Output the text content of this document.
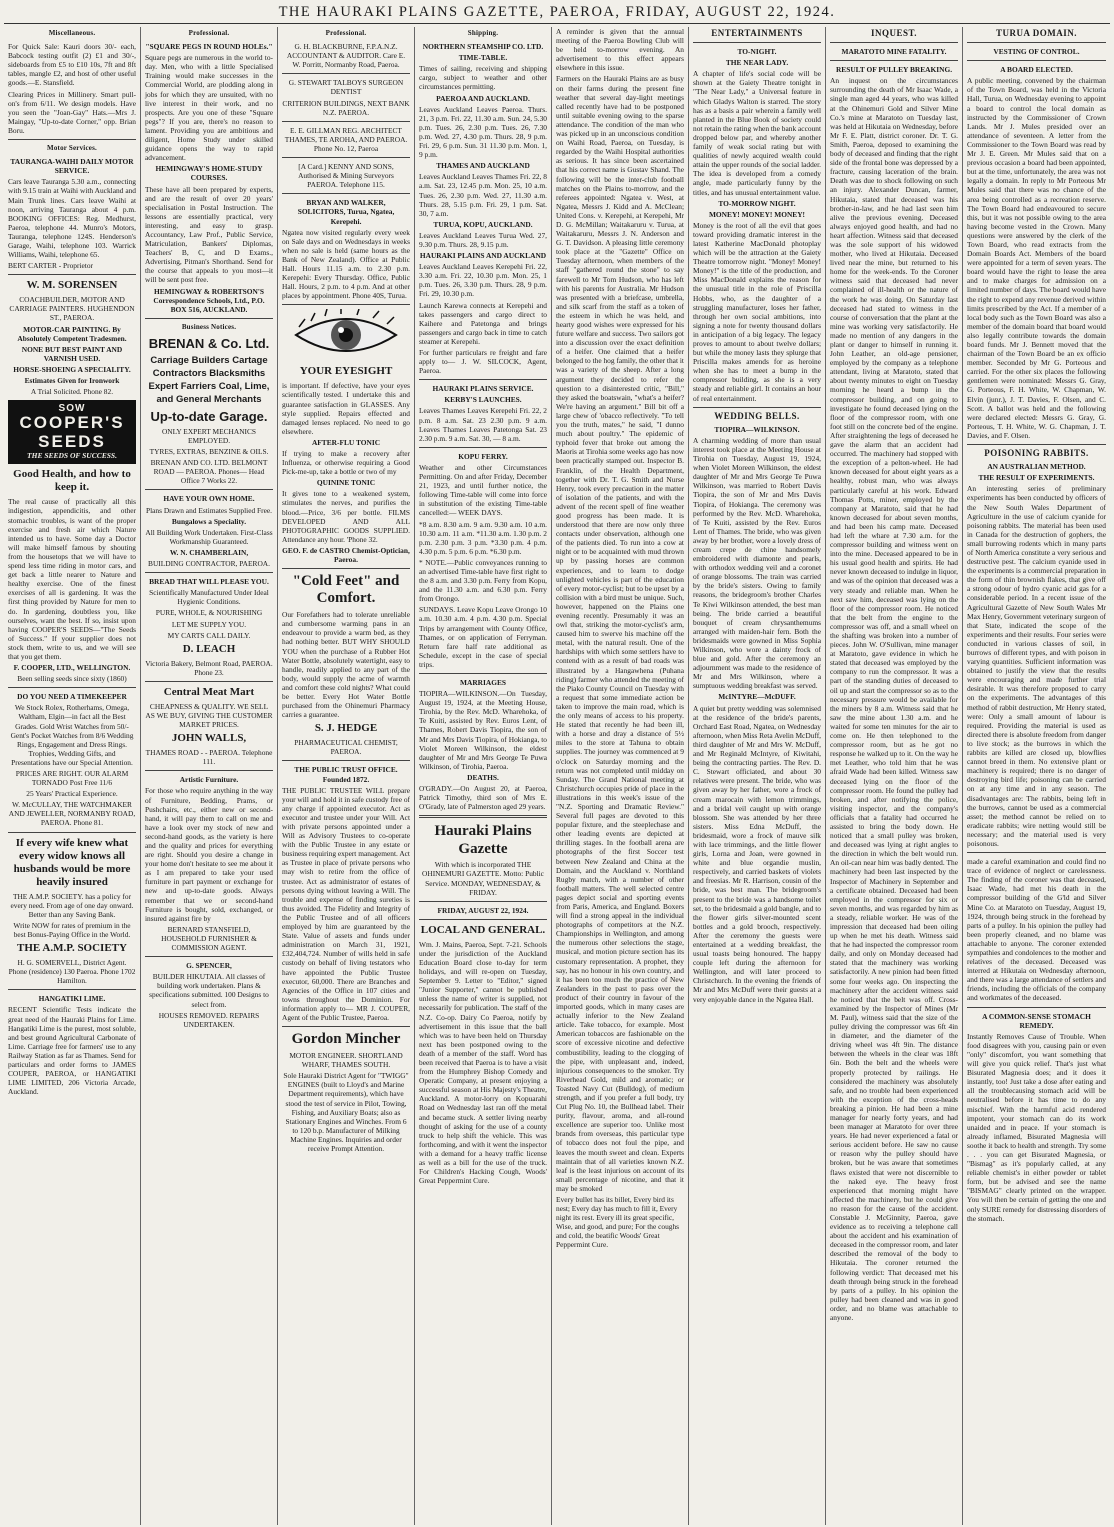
THE HAURAKI PLAINS GAZETTE, PAEROA, FRIDAY, AUGUST 22, 1924.
Miscellaneous.

For Quick Sale: Kauri doors 30/- each, Babcock testing outfit (2) £1 and 30/-, sideboards from £5 to £10 10s, 7ft and 8ft tables, mangle £2, and host of other useful goods.—E. Stansfield.

Clearing Prices in Millinery. Smart pull-on's from 6/11. We design models. Have you seen the "Joan-Gay" Hats.—Mrs J. Maingay, "Up-to-date Corner," opp. Brian Boru.

Motor Services.
TAURANGA-WAIHI DAILY MOTOR SERVICE.

Cars leave Tauranga 5.30 a.m., connecting with 9.15 train at Waihi with Auckland and Main Trunk lines. Cars leave Waihi at noon, arriving Tauranga about 4 p.m. BOOKING OFFICES: Reg. Medhurst, Paeroa, telephone 44. Munro's Motors, Tauranga, telephone 124S. Henderson's Garage, Waihi, telephone 103. Warrick Williams, Waihi, telephone 65.

BERT CARTER - Proprietor

W. M. SORENSEN

COACHBUILDER, MOTOR AND CARRIAGE PAINTERS. HUGHENDON ST., PAEROA.

MOTOR-CAR PAINTING. By Absolutely Competent Tradesmen.
NONE BUT BEST PAINT AND VARNISH USED.
HORSE-SHOEING A SPECIALITY.
Estimates Given for Ironwork

A Trial Solicited. Phone 82.

SOW
COOPER'S SEEDS
THE SEEDS OF SUCCESS.
Good Health, and how to keep it.

The real cause of practically all this indigestion, appendicitis, and other stomachic troubles, is want of the proper exercise and fresh air which Nature intended us to have. Some day a Doctor will make himself famous by shouting from the housetops that we will have to spend less time riding in motor cars, and get back a little nearer to Nature and healthy exercise. One of the finest exercises of all is gardening. It was the first thing provided by Nature for men to do. In gardening, doubtless you, like ourselves, want the best. If so, insist upon having COOPER'S SEEDS—"The Seeds of Success." If your supplier does not stock them, write to us, and we will see that you get them.

F. COOPER, LTD., WELLINGTON.

Been selling seeds since sixty (1860)

DO YOU NEED A TIMEKEEPER

We Stock Rolex, Rotherhams, Omega, Waltham, Elgin—in fact all the Best Grades. Gold Wrist Watches from 50/- Gent's Pocket Watches from 8/6 Wedding Rings, Engagement and Dress Rings. Trophies, Wedding Gifts, and Presentations have our Special Attention.

PRICES ARE RIGHT. OUR ALARM TORNADO Post Free 11/6

25 Years' Practical Experience.

W. McCULLAY, THE WATCHMAKER AND JEWELLER, NORMANBY ROAD, PAEROA. Phone 81.

If every wife knew what every widow knows all husbands would be more heavily insured

THE A.M.P. SOCIETY. has a policy for every need. From age of one day onward. Better than any Saving Bank.

Write NOW for rates of premium in the best Bonus-Paying Office in the World.

THE A.M.P. SOCIETY

H. G. SOMERVELL, District Agent. Phone (residence) 130 Paeroa. Phone 1702 Hamilton.

HANGATIKI LIME.

RECENT Scientific Tests indicate the great need of the Hauraki Plains for Lime. Hangatiki Lime is the purest, most soluble, and best ground Agricultural Carbonate of Lime. Carriage free for farmers' use to any Railway Station as far as Thames. Send for particulars and order forms to JAMES COUPER, PAEROA, or HANGATIKI LIME LIMITED, 206 Victoria Arcade, Auckland.

Professional.
"SQUARE PEGS IN ROUND HOLEs."

Square pegs are numerous in the world to-day. Men, who with a little Specialised Training would make successes in the Commercial World, are plodding along in jobs for which they are unsuited, with no live interest in their work, and no prospects. Are you one of these "Square pegs"? If you are, there's no reason to lament. Providing you are ambitious and diligent, Home Study under skilled guidance opens the way to rapid advancement.

HEMINGWAY'S HOME-STUDY COURSES.

These have all been prepared by experts, and are the result of over 20 years' specialisation in Postal Instruction. The lessons are essentially practical, very interesting, and easy to grasp. Accountancy, Law Prof., Public Service, Matriculation, Bankers' Diplomas, Teachers' B, C, and D Exams., Advertising, Pitman's Shorthand. Send for the course that appeals to you most—it will be sent post free.

HEMINGWAY & ROBERTSON'S Correspondence Schools, Ltd., P.O. BOX 516, AUCKLAND.
Business Notices.
BRENAN & Co. Ltd.

Carriage Builders Cartage Contractors Blacksmiths Expert Farriers Coal, Lime, and General Merchants

Up-to-date Garage.

ONLY EXPERT MECHANICS EMPLOYED.

TYRES, EXTRAS, BENZINE & OILS.

BRENAN AND CO. LTD. BELMONT ROAD — PAEROA. Phones— Head Office 7 Works 22.

HAVE YOUR OWN HOME.

Plans Drawn and Estimates Supplied Free.

Bungalows a Speciality.

All Building Work Undertaken. First-Class Workmanship Guaranteed.

W. N. CHAMBERLAIN,

BUILDING CONTRACTOR, PAEROA.

BREAD THAT WILL PLEASE YOU.

Scientifically Manufactured Under Ideal Hygienic Conditions.

PURE, WHOLE, & NOURISHING

LET ME SUPPLY YOU.

MY CARTS CALL DAILY.

D. LEACH

Victoria Bakery, Belmont Road, PAEROA. Phone 23.

Central Meat Mart

CHEAPNESS & QUALITY. WE SELL AS WE BUY, GIVING THE CUSTOMER MARKET PRICES.

JOHN WALLS,

THAMES ROAD - - PAEROA. Telephone 111.

Artistic Furniture.

For those who require anything in the way of Furniture, Bedding, Prams, or Pushchairs, etc., either new or second-hand, it will pay them to call on me and have a look over my stock of new and second-hand goods, as the variety is here and the quality and prices for everything are right. Should you desire a change in your home don't hesitate to see me about it as I am prepared to take your used furniture in part payment or exchange for new and up-to-date goods. Always remember that we or second-hand Furniture is bought, sold, exchanged, or insured against fire by

BERNARD STANSFIELD, HOUSEHOLD FURNISHER & COMMISSION AGENT.

G. SPENCER,

BUILDER HIKUTAIA. All classes of building work undertaken. Plans & specifications submitted. 100 Designs to select from.

HOUSES REMOVED. REPAIRS UNDERTAKEN.

Professional.

G. H. BLACKBURNE, F.P.A.N.Z. ACCOUNTANT & AUDITOR. Care E. W. Porritt, Normanby Road, Paeroa.

G. STEWART TALBOYS SURGEON DENTIST

CRITERION BUILDINGS, NEXT BANK N.Z. PAEROA.

E. E. GILLMAN REG. ARCHITECT THAMES, TE AROHA, AND PAEROA. Phone No. 12, Paeroa

[A Card.] KENNY AND SONS, Authorised & Mining Surveyors PAEROA. Telephone 115.

BRYAN AND WALKER, SOLICITORS, Turua, Ngatea, Kerepehi.

Ngatea now visited regularly every week on Sale days and on Wednesdays in weeks when no sale is held (same hours as the Bank of New Zealand). Office at Public Hall. Hours 11.15 a.m. to 2.30 p.m. Kerepehi: Every Thursday. Office, Public Hall. Hours, 2 p.m. to 4 p.m. And at other places by appointment. Phone 40S, Turua.

YOUR EYESIGHT

is important. If defective, have your eyes scientifically tested. I undertake this and guarantee satisfaction in GLASSES. Any style supplied. Repairs effected and damaged lenses replaced. No need to go elsewhere.

AFTER-FLU TONIC

If trying to make a recovery after Influenza, or otherwise requiring a Good Pick-me-up, take a bottle or two of my

QUININE TONIC

It gives tone to a weakened system, stimulates the nerves, and purifies the blood.—Price, 3/6 per bottle. FILMS DEVELOPED AND ALL PHOTOGRAPHIC GOODS SUPPLIED. Attendance any hour. 'Phone 32.

GEO. F. de CASTRO Chemist-Optician, Paeroa.
"Cold Feet" and Comfort.

Our Forefathers had to tolerate unreliable and cumbersome warming pans in an endeavour to provide a warm bed, as they had nothing better. BUT WHY SHOULD YOU when the purchase of a Rubber Hot Water Bottle, absolutely watertight, easy to handle, readily applied to any part of the body, would supply the acme of warmth and comfort these cold nights? What could be better. Every Hot Water Bottle purchased from the Ohinemuri Pharmacy carries a guarantee.

S. J. HEDGE

PHARMACEUTICAL CHEMIST, PAEROA.

THE PUBLIC TRUST OFFICE. Founded 1872.

THE PUBLIC TRUSTEE WILL prepare your will and hold it in safe custody free of any charge if appointed executor. Act as executor and trustee under your Will. Act with private persons appointed under a Will as Advisory Trustees to co-operate with the Public Trustee in any estate or business requiring expert management. Act as Trustee in place of private persons who may wish to retire from the office of trustee. Act as administrator of estates of persons dying without leaving a Will. The trouble and expense of finding sureties is thus avoided. The Fidelity and Integrity of the Public Trustee and of all officers employed by him are guaranteed by the State. Value of assets and funds under administration on March 31, 1921, £32,404,724. Number of wills held in safe custody on behalf of living testators who have appointed the Public Trustee executor, 60,000. There are Branches and Agencies of the Office in 107 cities and towns throughout the Dominion. For information apply to— MR J. COUPER, Agent of the Public Trustee, Paeroa.

Gordon Mincher

MOTOR ENGINEER. SHORTLAND WHARF, THAMES SOUTH.

Sole Hauraki District Agent for "TWIGG" ENGINES (built to Lloyd's and Marine Department requirements), which have stood the test of service in Pilot, Towing, Fishing, and Auxiliary Boats; also as Stationary Engines and Winches. From 6 to 120 b.p. Manufacturer of Milking Machine Engines. Inquiries and order receive Prompt Attention.

Shipping.
NORTHERN STEAMSHIP CO. LTD.
TIME-TABLE.

Times of sailing, receiving and shipping cargo, subject to weather and other circumstances permitting.

PAEROA AND AUCKLAND.

Leaves Auckland Leaves Paeroa. Thurs. 21, 3 p.m. Fri. 22, 11.30 a.m. Sun. 24, 5.30 p.m. Tues. 26, 2.30 p.m. Tues. 26, 7.30 p.m. Wed. 27, 4.30 p.m. Thurs. 28, 9 p.m. Fri. 29, 6 p.m. Sun. 31 11.30 p.m. Mon. 1, 9 p.m.

THAMES AND AUCKLAND

Leaves Auckland Leaves Thames Fri. 22, 8 a.m. Sat. 23, 12.45 p.m. Mon. 25, 10 a.m. Tues. 26, 2.30 p.m. Wed. 27, 11.30 a.m. Thurs. 28, 5.15 p.m. Fri. 29, 1 p.m. Sat. 30, 7 a.m.

TURUA, KOPU, AUCKLAND.

Leaves Auckland Leaves Turua Wed. 27, 9.30 p.m. Thurs. 28, 9.15 p.m.

HAURAKI PLAINS AND AUCKLAND

Leaves Auckland Leaves Kerepehi Fri. 22, 3.30 a.m. Fri. 22, 10.30 p.m. Mon. 25, 1 p.m. Tues. 26, 3.30 p.m. Thurs. 28, 9 p.m. Fri. 29, 10.30 p.m.

Launch Karewa connects at Kerepehi and takes passengers and cargo direct to Kaihere and Patetonga and brings passengers and cargo back in time to catch steamer at Kerepehi.

For further particulars re freight and fare apply to— J. W. SILCOCK, Agent, Paeroa.

HAURAKI PLAINS SERVICE.
KERBY'S LAUNCHES.

Leaves Thames Leaves Kerepehi Fri. 22, 2 p.m. 8 a.m. Sat. 23 2.30 p.m. 9 a.m. Leaves Thames Leaves Patetonga Sat. 23 2.30 p.m. 9 a.m. Sat. 30, — 8 a.m.

KOPU FERRY.

Weather and other Circumstances Permitting. On and after Friday, December 21, 1923, and until further notice, the following Time-table will come into force in substitution of the existing Time-table cancelled:— WEEK DAYS.

*8 a.m. 8.30 a.m. 9 a.m. 9.30 a.m. 10 a.m. 10.30 a.m. 11 a.m. *11.30 a.m. 1.30 p.m. 2 p.m. 2.30 p.m. 3 p.m. *3.30 p.m. 4 p.m. 4.30 p.m. 5 p.m. 6 p.m. *6.30 p.m.

* NOTE.—Public conveyances running to an advertised Time-table have first right to the 8 a.m. and 3.30 p.m. Ferry from Kopu, and the 11.30 a.m. and 6.30 p.m. Ferry from Orongo.

SUNDAYS. Leave Kopu Leave Orongo 10 a.m. 10.30 a.m. 4 p.m. 4.30 p.m. Special Trips by arrangement with County Office, Thames, or on application of Ferryman. Return fare half rate additional as Schedule, except in the case of special trips.

MARRIAGES

TIOPIRA—WILKINSON.—On Tuesday, August 19, 1924, at the Meeting House, Tirohia, by the Rev. McD. Wharehoka, of Te Kuiti, assisted by Rev. Euros Lent, of Thames, Robert Davis Tiopira, the son of Mr and Mrs Davis Tiopira, of Hokianga, to Violet Moreen Wilkinson, the eldest daughter of Mr and Mrs George Te Puwa Wilkinson, of Tirohia, Paeroa.

DEATHS.

O'GRADY.—On August 20, at Paeroa, Patrick Timothy, third son of Mrs E. O'Grady, late of Palmerston aged 29 years.

Hauraki Plains Gazette

With which is incorporated THE OHINEMURI GAZETTE. Motto: Public Service. MONDAY, WEDNESDAY, & FRIDAY.

FRIDAY, AUGUST 22, 1924.
LOCAL AND GENERAL.

Wm. J. Mains, Paeroa, Sept. 7-21. Schools under the jurisdiction of the Auckland Education Board close to-day for term holidays, and will re-open on Tuesday, September 9. Letter to "Editor," signed "Junior Supporter," cannot be published unless the name of writer is supplied, not necessarily for publication. The staff of the N.Z. Co-op. Dairy Co Paeroa, notify by advertisement in this issue that the ball which was to have been held on Thursday next has been postponed owing to the death of a member of the staff. Word has been received that Paeroa is to have a visit from the Humphrey Bishop Comedy and Operatic Company, at present enjoying a successful season at His Majesty's Theatre, Auckland. A motor-lorry on Kopuarahi Road on Wednesday last ran off the metal and became stuck. A settler living nearby thought of asking for the use of a county truck to help shift the vehicle. This was forthcoming, and with it went the inspector with a demand for a heavy traffic license as well as a bill for the use of the truck. For Children's Hacking Cough, Woods' Great Peppermint Cure.

A reminder is given that the annual meeting of the Paeroa Bowling Club will be held to-morrow evening. An advertisement to this effect appears elsewhere in this issue.

Farmers on the Hauraki Plains are as busy on their farms during the present fine weather that several day-light meetings called recently have had to be postponed until suitable evening owing to the sparse attendance. The condition of the man who was picked up in an unconscious condition on Waihi Road, Paeroa, on Tuesday, is regarded by the Waihi Hospital authorities as serious. It has since been ascertained that his correct name is Gustav Shand. The following will be the inter-club football matches on the Plains to-morrow, and the referees appointed: Ngatea v. West, at Ngatea, Messrs J. Kidd and A. McClean; United Cons. v. Kerepehi, at Kerepehi, Mr D. G. McMillan; Waitakaruru v. Turua, at Waitakaruru, Messrs J. N. Anderson and G. T. Davidson. A pleasing little ceremony took place at the "Gazette" Office on Tuesday afternoon, when members of the staff "gathered round the stone" to say farewell to Mr Tom Hudson, who has left with his parents for Australia. Mr Hudson was presented with a briefcase, umbrella, and silk scarf from the staff as a token of the esteem in which he was held, and hearty good wishes were expressed for his future welfare and success. Two sailors got into a discussion over the exact definition of a heifer. One claimed that a heifer belonged to the hog family, the other that it was a variety of the sheep. After a long argument they decided to refer the question to a disinterested critic, "Bill," they asked the boatswain, "what's a heifer? We're having an argument." Bill bit off a large chew of 'obacco reflectively. "To tell you the truth, mates," he said, "I dunno much about poultry." The epidemic of typhoid fever that broke out among the Maoris at Tirohia some weeks ago has now been practically stamped out. Inspector B. Franklin, of the Health Department, together with Dr. T. G. Smith and Nurse Henry, took every precaution in the matter of isolation of the patients, and with the advent of the recent spell of fine weather good progress has been made. It is understood that there are now only three contacts under observation, although one of the patients died. To run into a cow at night or to be acquainted with mud thrown up by passing horses are common experiences, and to learn to dodge unlighted vehicles is part of the education of every motor-cyclist; but to be upset by a collision with a bird must be unique. Such, however, happened on the Plains one evening recently. Presumably it was an owl that, striking the motor-cyclist's arm, caused him to swerve his machine off the metal, with the natural result. One of the hardships with which some settlers have to contend with as a result of bad roads was illustrated by a Hangawhena (Puhana riding) farmer who attended the meeting of the Piako County Council on Tuesday with a request that some immediate action be taken to improve the main road, which is the only means of access to his property. He stated that recently he had been ill, with a horse and dray a distance of 5½ miles to the store at Tahuna to obtain supplies. The journey was commenced at 9 o'clock on Saturday morning and the return was not completed until midday on Sunday. The Grand National meeting at Christchurch occupies pride of place in the illustrations in this week's issue of the "N.Z. Sporting and Dramatic Review." Several full pages are devoted to this popular fixture, and the steeplechase and other leading events are depicted at thrilling stages. In the football arena are photographs of the first Soccer test between New Zealand and China at the Domain, and the Auckland v. Northland Rugby match, with a number of other football matters. The well selected centre pages depict social and sporting events from Paris, America, and England. Boxers will find a strong appeal in the individual photographs of competitors at the N.Z. Championships in Wellington, and among the numerous other selections the stage, musical, and motion picture section has its customary representation. A prophet, they say, has no honour in his own country, and it has been too much the practice of New Zealanders in the past to pass over the product of their country in favour of the imported goods, which in many cases are actually inferior to the New Zealand article. Take tobacco, for example. Most American tobaccos are fashionable on the score of excessive nicotine and defective combustibility, leading to the clogging of the pipe, with unpleasant and, indeed, injurious consequences to the smoker. Try Riverhead Gold, mild and aromatic; or Toasted Navy Cut (Bulldog), of medium strength, and if you prefer a full body, try Cut Plug No. 10, the Bullhead label. Their purity, flavour, aroma, and all-round excellence are superior too. Unlike most brands from overseas, this particular type of tobacco does not foul the pipe, and leaves the mouth sweet and clean. Experts maintain that of all varieties known N.Z. leaf is the least injurious on account of its small percentage of nicotine, and that it may be smoked

Every bullet has its billet, Every bird its nest; Every day has much to fill it, Every night its rest. Every ill its great specific, Wise, and good, and pure; For the coughs and cold, the beatific Woods' Great Peppermint Cure.

ENTERTAINMENTS
TO-NIGHT.
THE NEAR LADY.

A chapter of life's social code will be shown at the Gaiety Theatre tonight in "The Near Lady," a Universal feature in which Gladys Walton is starred. The story has as a basis a pair wherein a family well planted in the Blue Book of society could not retain the rating when the bank account dropped below par, and whereby another family of weak social rating but with qualities of newly acquired wealth could attain the upper rounds of the social ladder. The idea is developed from a comedy angle, made particularly funny by the titles, and has unusual entertainment value.

TO-MORROW NIGHT.
MONEY! MONEY! MONEY!

Money is the root of all the evil that goes toward providing dramatic interest in the latest Katherine MacDonald photoplay which will be the attraction at the Gaiety Theatre tomorrow night. "Money! Money! Money!" is the title of the production, and Miss MacDonald explains the reason for the unusual title in the role of Priscilla Hobbs, who, as the daughter of a struggling manufacturer, loses her father, through her own social ambitions, into signing a note for twenty thousand dollars in anticipation of a big legacy. The legacy proves to amount to about twelve dollars; but while the money lasts they splurge that Priscilla makes amends for as heroine when she has to meet a bump in the compressor building, as she is a very steady and reliable girl. It contains an hour of real entertainment.

WEDDING BELLS.
TIOPIRA—WILKINSON.

A charming wedding of more than usual interest took place at the Meeting House at Tirohia on Tuesday, August 19, 1924, when Violet Moreen Wilkinson, the eldest daughter of Mr and Mrs George Te Puwa Wilkinson, was married to Robert Davis Tiopira, the son of Mr and Mrs Davis Tiopira, of Hokianga. The ceremony was performed by the Rev. McD. Wharehoka, of Te Kuiti, assisted by the Rev. Euros Lent of Thames. The bride, who was given away by her brother, wore a lovely dress of cream crepe de chine handsomely embroidered with diamonte and pearls, with orthodox wedding veil and a coronet of orange blossoms. The train was carried by the bride's sisters. Owing to family reasons, the bridegroom's brother Charles Te Kiwi Wilkinson attended, the best man being. The bride carried a beautiful bouquet of cream chrysanthemums arranged with maiden-hair fern. Both the bridesmaids were gowned in Miss Sophia Wilkinson, who wore a dainty frock of blue and gold. After the ceremony an adjournment was made to the residence of Mr and Mrs Wilkinson, where a sumptuous wedding breakfast was served.

McINTYRE—McDUFF.

A quiet but pretty wedding was solemnised at the residence of the bride's parents, Orchard East Road, Ngatea, on Wednesday afternoon, when Miss Reta Avelin McDuff, third daughter of Mr and Mrs W. McDuff, and Mr Reginald McIntyre, of Kiwitahi, being the contracting parties. The Rev. D. C. Stewart officiated, and about 30 relatives were present. The bride, who was given away by her father, wore a frock of cream marocain with lemon trimmings, and a bridal veil caught up with orange blossom. She was attended by her three sisters. Miss Edna McDuff, the bridesmaid, wore a frock of mauve silk with lace trimmings, and the little flower girls, Lorna and Joan, were gowned in white and blue organdie muslin, respectively, and carried baskets of violets and freesias. Mr R. Harrison, cousin of the bride, was best man. The bridegroom's present to the bride was a handsome toilet set, to the bridesmaid a gold bangle, and to the flower girls silver-mounted scent bottles and a gold brooch, respectively. After the ceremony the guests were entertained at a wedding breakfast, the usual toasts being honoured. The happy couple left during the afternoon for Wellington, and will later proceed to Christchurch. In the evening the friends of Mr and Mrs McDuff were their guests at a very enjoyable dance in the Ngatea Hall.

INQUEST.
MARATOTO MINE FATALITY.
RESULT OF PULLEY BREAKING.

An inquest on the circumstances surrounding the death of Mr Isaac Wade, a single man aged 44 years, who was killed at the Ohinemuri Gold and Silver Mine Co.'s mine at Maratoto on Tuesday last, was held at Hikutaia on Wednesday, before Mr F. E. Platt, district coroner. Dr. T. G. Smith, Paeroa, deposed to examining the body of deceased and finding that the right side of the frontal bone was depressed by a fracture, causing laceration of the brain. Death was due to shock following on such an injury. Alexander Duncan, farmer, Hikutaia, stated that deceased was his brother-in-law, and he had last seen him alive the previous evening. Deceased always enjoyed good health, and had no heart affection. Witness said that deceased was the sole support of his widowed mother, who lived at Hikutaia. Deceased lived near the mine, but returned to his home for the week-ends. To the Coroner witness said that deceased had never complained of ill-health or the nature of the work he was doing. On Saturday last deceased had stated to witness in the course of conversation that the plant at the mine was working very satisfactorily. He made no mention of any dangers in the plant or danger to himself in running it. John Leather, an old-age pensioner, employed by the company as a telephone attendant, living at Maratoto, stated that about twenty minutes to eight on Tuesday morning he heard a bump in the compressor building, and on going to investigate he found deceased lying on the floor of the compressor room, with one foot still on the concrete bed of the engine. After straightening the legs of deceased he gave the alarm that an accident had occurred. The machinery had stopped with the exception of a pelton-wheel. He had known deceased for about eight years as a healthy, robust man, who was always particularly careful at his work. Edward Thomas Potts, miner, employed by the company at Maratoto, said that he had known deceased for about seven months, and had been his camp mate. Deceased had left the whare at 7.30 a.m. for the compressor building and witness went on into the mine. Deceased appeared to be in his usual good health and spirits. He had never known deceased to indulge in liquor, and was of the opinion that deceased was a very steady and reliable man. When he next saw him, deceased was lying on the floor of the compressor room. He noticed that the belt from the engine to the compressor was off, and a small wheel on the shafting was broken into a number of pieces. John W. O'Sullivan, mine manager at Maratoto, gave evidence in which he stated that deceased was employed by the company to run the compressor. It was a part of the standing duties of deceased to oil up and start the compressor so as to the necessary pressure would be available for the miners by 8 a.m. Witness said that he saw the mine about 1.30 a.m. and he waited for some ten minutes for the air to come on. He then telephoned to the compressor room, but as he got no response he walked up to it. On the way he met Leather, who told him that he was afraid Wade had been killed. Witness saw deceased lying on the floor of the compressor room. He found the pulley had broken, and after notifying the police, visiting inspector, and the company's officials that a fatality had occurred he assisted to bring the body down. He noticed that a small pulley was broken, and deceased was lying at right angles to the direction in which the belt would run. An oil-can near him was badly dented. The machinery had been last inspected by the Inspector of Machinery in September and a certificate obtained. Deceased had been employed in the compressor for six or seven months, and was regarded by him as a steady, reliable worker. He was of the impression that deceased had been oiling up when he met his death. Witness said that he had inspected the compressor room daily, and only on Monday deceased had stated that the machinery was working satisfactorily. A new pinion had been fitted some four weeks ago. On inspecting the machinery after the accident witness said he noticed that the belt was off. Cross-examined by the Inspector of Mines (Mr M. Paul), witness said that the size of the pulley driving the compressor was 6ft 4in in diameter, and the diameter of the driving wheel was 4ft 9in. The distance between the wheels in the clear was 18ft 6in. Both the belt and the wheels were properly protected by railings. He considered the machinery was absolutely safe, and no trouble had been experienced with the exception of the cross-heads breaking a pinion. He had been a mine manager for nearly forty years, and had been manager at Maratoto for over three years. He had never experienced a fatal or serious accident before. He saw no cause or reason why the pulley should have broken, but he was aware that sometimes flaws existed that were not discernible to the naked eye. The heavy frost experienced that morning might have affected the machinery, but he could give no reason for the cause of the accident. Constable J. McGinnity, Paeroa, gave evidence as to receiving a telephone call about the accident and his examination of deceased in the compressor room, and later described the removal of the body to Hikutaia. The coroner returned the following verdict: That deceased met his death through being struck in the forehead by parts of a pulley. In his opinion the pulley had been cleaned and was in good order, and no blame was attachable to anyone.

TURUA DOMAIN.
VESTING OF CONTROL.
A BOARD ELECTED.

A public meeting, convened by the chairman of the Town Board, was held in the Victoria Hall, Turua, on Wednesday evening to appoint a board to control the local domain as instructed by the Commissioner of Crown Lands. Mr J. Mules presided over an attendance of seventeen. A letter from the Commissioner to the Town Board was read by Mr J. E. Green. Mr Mules said that on a previous occasion a board had been appointed, but at the time, unfortunately, the area was not legally a domain. In reply to Mr Porteous Mr Mules said that there was no chance of the area being controlled as a recreation reserve. The Town Board had endeavoured to secure this, but it was not possible owing to the area having become vested in the Crown. Many questions were answered by the clerk of the Town Board, who read extracts from the Domain Boards Act. Members of the board were appointed for a term of seven years. The board would have the right to lease the area and to make charges for admission on a limited number of days. The board would have the right to expend any revenue derived within limits prescribed by the Act. If a member of a local body such as the Town Board was also a member of the domain board that board would also legally contribute towards the domain board funds. Mr J. Bennett moved that the chairman of the Town Board be an ex officio member. Seconded by Mr G. Porteous and carried. For the other six places the following gentlemen were nominated: Messrs G. Gray, G. Porteous, F. H. White, W. Chapman, W. Elvin (junr.), J. T. Davies, F. Olsen, and C. Scott. A ballot was held and the following were declared elected: Messrs G. Gray, G. Porteous, T. H. White, W. G. Chapman, J. T. Davies, and F. Olsen.

POISONING RABBITS.
AN AUSTRALIAN METHOD.
THE RESULT OF EXPERIMENTS.

An interesting series of preliminary experiments has been conducted by officers of the New South Wales Department of Agriculture in the use of calcium cyanide for poisoning rabbits. The material has been used in Canada for the destruction of gophers, the small burrowing rodents which in many parts of North America constitute a very serious and destructive pest. The calcium cyanide used in the experiments is a commercial preparation in the form of thin brownish flakes, that give off a strong odour of hydro cyanic acid gas for a considerable period. In a recent issue of the Agricultural Gazette of New South Wales Mr Max Henry, Government veterinary surgeon of that State, indicated the scope of the experiments and their results. Four series were conducted in various classes of soil, in burrows of different types, and with poison in varying quantities. Sufficient information was obtained to justify the view that the results were encouraging and made further trial desirable. It was therefore proposed to carry on the experiments. The advantages of this method of rabbit destruction, Mr Henry stated, were: Only a small amount of labour is required. Providing the material is used as directed there is absolute freedom from danger to live stock; as the burrows in which the rabbits are killed are closed up, blowflies cannot breed in them. No extensive plant or machinery is required; there is no danger of destroying bird life; poisoning can be carried on at any time and in any season. The disadvantages are: The rabbits, being left in the burrows, cannot be used as a commercial asset; the method cannot be relied on to eradicate rabbits; wire netting would still be necessary; and the material used is very poisonous.

made a careful examination and could find no trace of evidence of neglect or carelessness. The finding of the coroner was that deceased, Isaac Wade, had met his death in the compressor building of the G'ld and Silver Mine Co. at Maratoto on Tuesday, August 19, 1924, through being struck in the forehead by parts of a pulley. In his opinion the pulley had been properly cleaned, and no blame was attachable to anyone. The coroner extended sympathies and condolences to the mother and relatives of the deceased. Deceased was interred at Hikutaia on Wednesday afternoon, and there was a large attendance of settlers and friends, including the officials of the company and workmates of the deceased.

A COMMON-SENSE STOMACH REMEDY.

Instantly Removes Cause of Trouble. When food disagrees with you, causing pain or even "only" discomfort, you want something that will give you quick relief. That's just what Bisurated Magnesia does; and it does it instantly, too! Just take a dose after eating and all the troublecausing stomach acid will be neutralised before it has time to do any mischief. With the harmful acid rendered impotent, your stomach can do its work unaided and in peace. If your stomach is already inflamed, Bisurated Magnesia will soothe it back to health and strength. Try some . . . you can get Bisurated Magnesia, or "Bismag" as it's popularly called, at any reliable chemist's in either powder or tablet form, but be advised and see the name "BISMAG" clearly printed on the wrapper. You will then be certain of getting the one and only SURE remedy for distressing disorders of the stomach.
